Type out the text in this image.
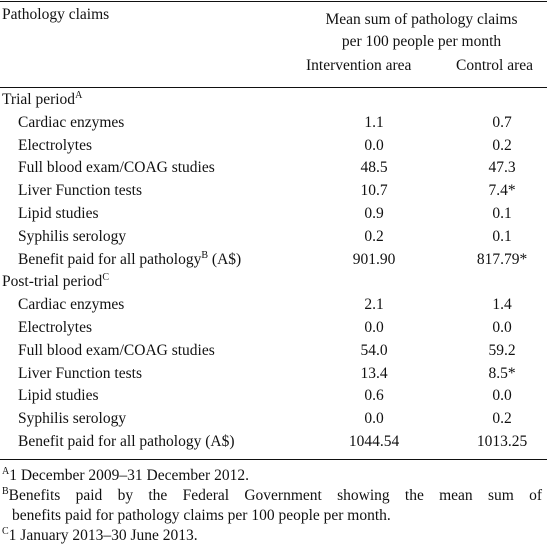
Pathology claims	Mean sum of pathology claims
per 100 people per month
Intervention area	Control area
Trial period$^A$
Cardiac enzymes	1.1	0.7
Electrolytes	0.0	0.2
Full blood exam/COAG studies	48.5	47.3
Liver Function tests	10.7	7.4*
Lipid studies	0.9	0.1
Syphilis serology	0.2	0.1
Benefit paid for all pathology$^B$ (A$)	901.90	817.79*
Post-trial period$^C$
Cardiac enzymes	2.1	1.4
Electrolytes	0.0	0.0
Full blood exam/COAG studies	54.0	59.2
Liver Function tests	13.4	8.5*
Lipid studies	0.6	0.0
Syphilis serology	0.0	0.2
Benefit paid for all pathology (A$)	1044.54	1013.25

$^A$1 December 2009–31 December 2012.

$^B$Benefits paid by the Federal Government showing the mean sum of

benefits paid for pathology claims per 100 people per month.

$^C$1 January 2013–30 June 2013.
